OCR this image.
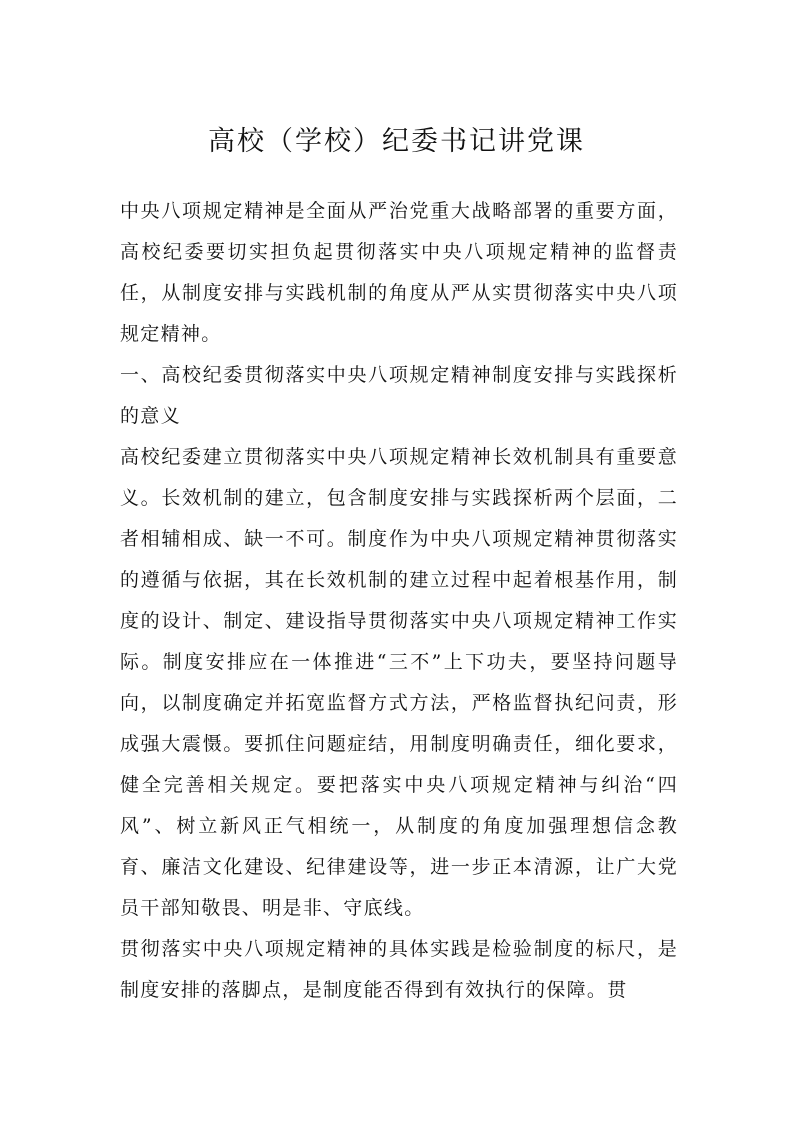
高校（学校）纪委书记讲党课

中央八项规定精神是全面从严治党重大战略部署的重要方面，高校纪委要切实担负起贯彻落实中央八项规定精神的监督责任，从制度安排与实践机制的角度从严从实贯彻落实中央八项规定精神。

一、高校纪委贯彻落实中央八项规定精神制度安排与实践探析的意义

高校纪委建立贯彻落实中央八项规定精神长效机制具有重要意义。长效机制的建立，包含制度安排与实践探析两个层面，二者相辅相成、缺一不可。制度作为中央八项规定精神贯彻落实的遵循与依据，其在长效机制的建立过程中起着根基作用，制度的设计、制定、建设指导贯彻落实中央八项规定精神工作实际。制度安排应在一体推进“三不”上下功夫，要坚持问题导向，以制度确定并拓宽监督方式方法，严格监督执纪问责，形成强大震慑。要抓住问题症结，用制度明确责任，细化要求，健全完善相关规定。要把落实中央八项规定精神与纠治“四风”、树立新风正气相统一，从制度的角度加强理想信念教育、廉洁文化建设、纪律建设等，进一步正本清源，让广大党员干部知敬畏、明是非、守底线。

贯彻落实中央八项规定精神的具体实践是检验制度的标尺，是制度安排的落脚点，是制度能否得到有效执行的保障。贯
